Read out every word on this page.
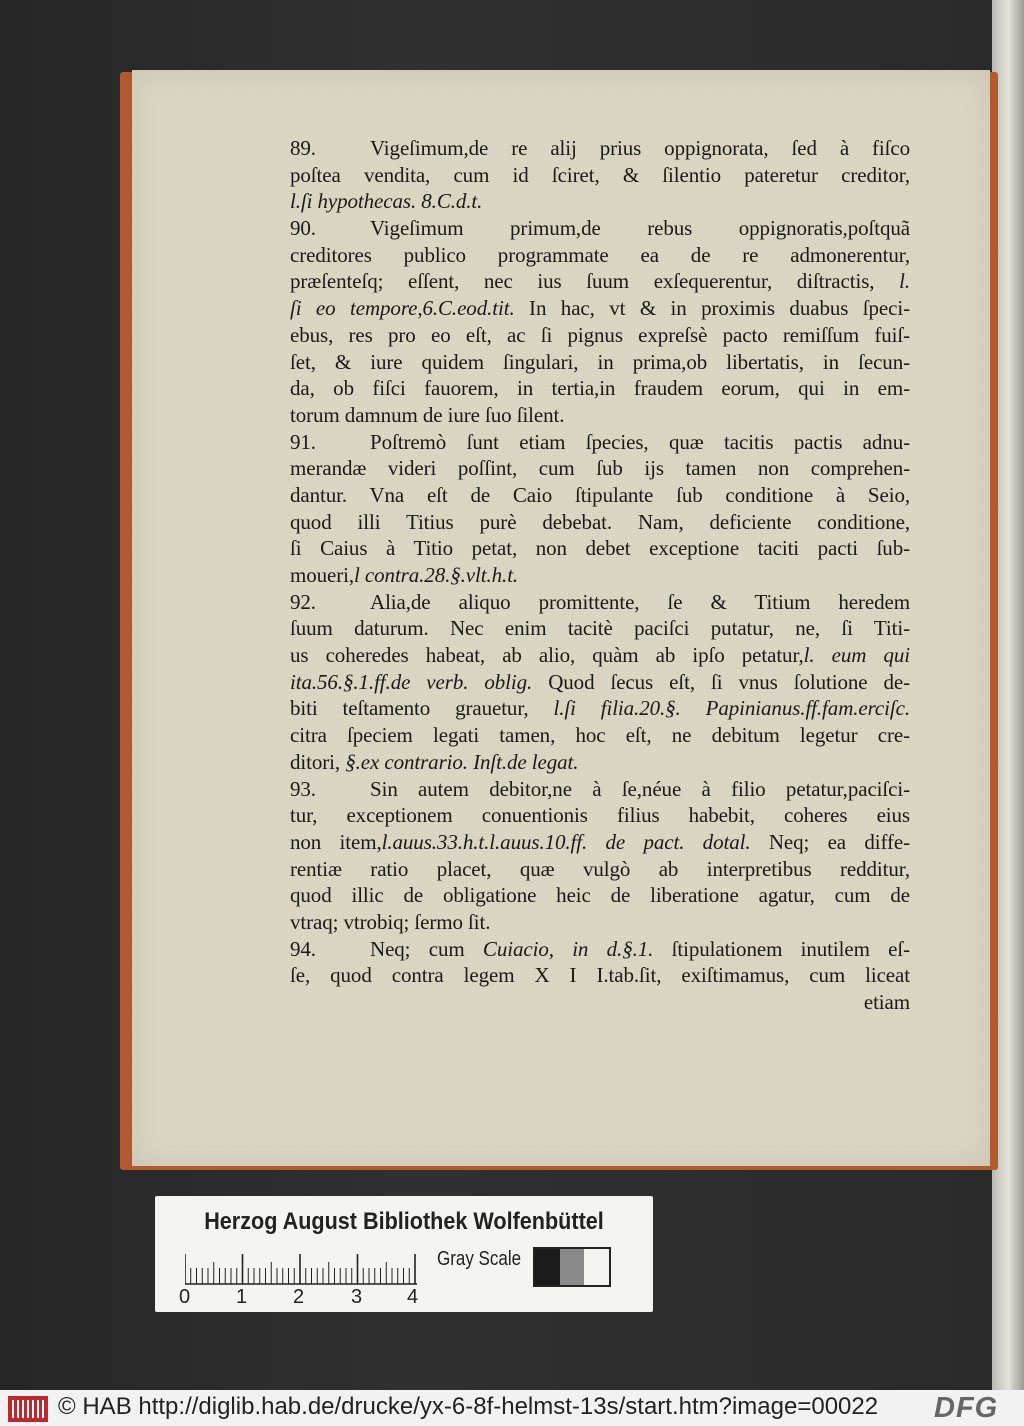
89.	Vigeſimum,de re alij prius oppignorata, ſed à fiſco
poſtea vendita, cum id ſciret, & ſilentio pateretur creditor,
l.ſi hypothecas. 8.C.d.t.
90.	Vigeſimum primum,de rebus oppignoratis,poſtquã
creditores publico programmate ea de re admonerentur,
præſenteſq; eſſent, nec ius ſuum exſequerentur, diſtractis, l.
ſi eo tempore,6.C.eod.tit. In hac, vt & in proximis duabus ſpeci-
ebus, res pro eo eſt, ac ſi pignus expreſsè pacto remiſſum fuiſ-
ſet, & iure quidem ſingulari, in prima,ob libertatis, in ſecun-
da, ob fiſci fauorem, in tertia,in fraudem eorum, qui in em-
torum damnum de iure ſuo ſilent.
91.	Poſtremò ſunt etiam ſpecies, quæ tacitis pactis adnu-
merandæ videri poſſint, cum ſub ijs tamen non comprehen-
dantur. Vna eſt de Caio ſtipulante ſub conditione à Seio,
quod illi Titius purè debebat. Nam, deficiente conditione,
ſi Caius à Titio petat, non debet exceptione taciti pacti ſub-
moueri,l contra.28.§.vlt.h.t.
92.	Alia,de aliquo promittente, ſe & Titium heredem
ſuum daturum. Nec enim tacitè paciſci putatur, ne, ſi Titi-
us coheredes habeat, ab alio, quàm ab ipſo petatur,l. eum qui
ita.56.§.1.ff.de verb. oblig. Quod ſecus eſt, ſi vnus ſolutione de-
biti teſtamento grauetur, l.ſi filia.20.§. Papinianus.ff.fam.erciſc.
citra ſpeciem legati tamen, hoc eſt, ne debitum legetur cre-
ditori, §.ex contrario. Inſt.de legat.
93.	Sin autem debitor,ne à ſe,néue à filio petatur,paciſci-
tur, exceptionem conuentionis filius habebit, coheres eius
non item,l.auus.33.h.t.l.auus.10.ff. de pact. dotal. Neq; ea diffe-
rentiæ ratio placet, quæ vulgò ab interpretibus redditur,
quod illic de obligatione heic de liberatione agatur, cum de
vtraq; vtrobiq; ſermo ſit.
94.	Neq; cum Cuiacio, in d.§.1. ſtipulationem inutilem eſ-
ſe, quod contra legem X I I.tab.ſit, exiſtimamus, cum liceat
etiam
Herzog August Bibliothek Wolfenbüttel
Gray Scale
0 1 2 3 4
© HAB http://diglib.hab.de/drucke/yx-6-8f-helmst-13s/start.htm?image=00022 DFG
